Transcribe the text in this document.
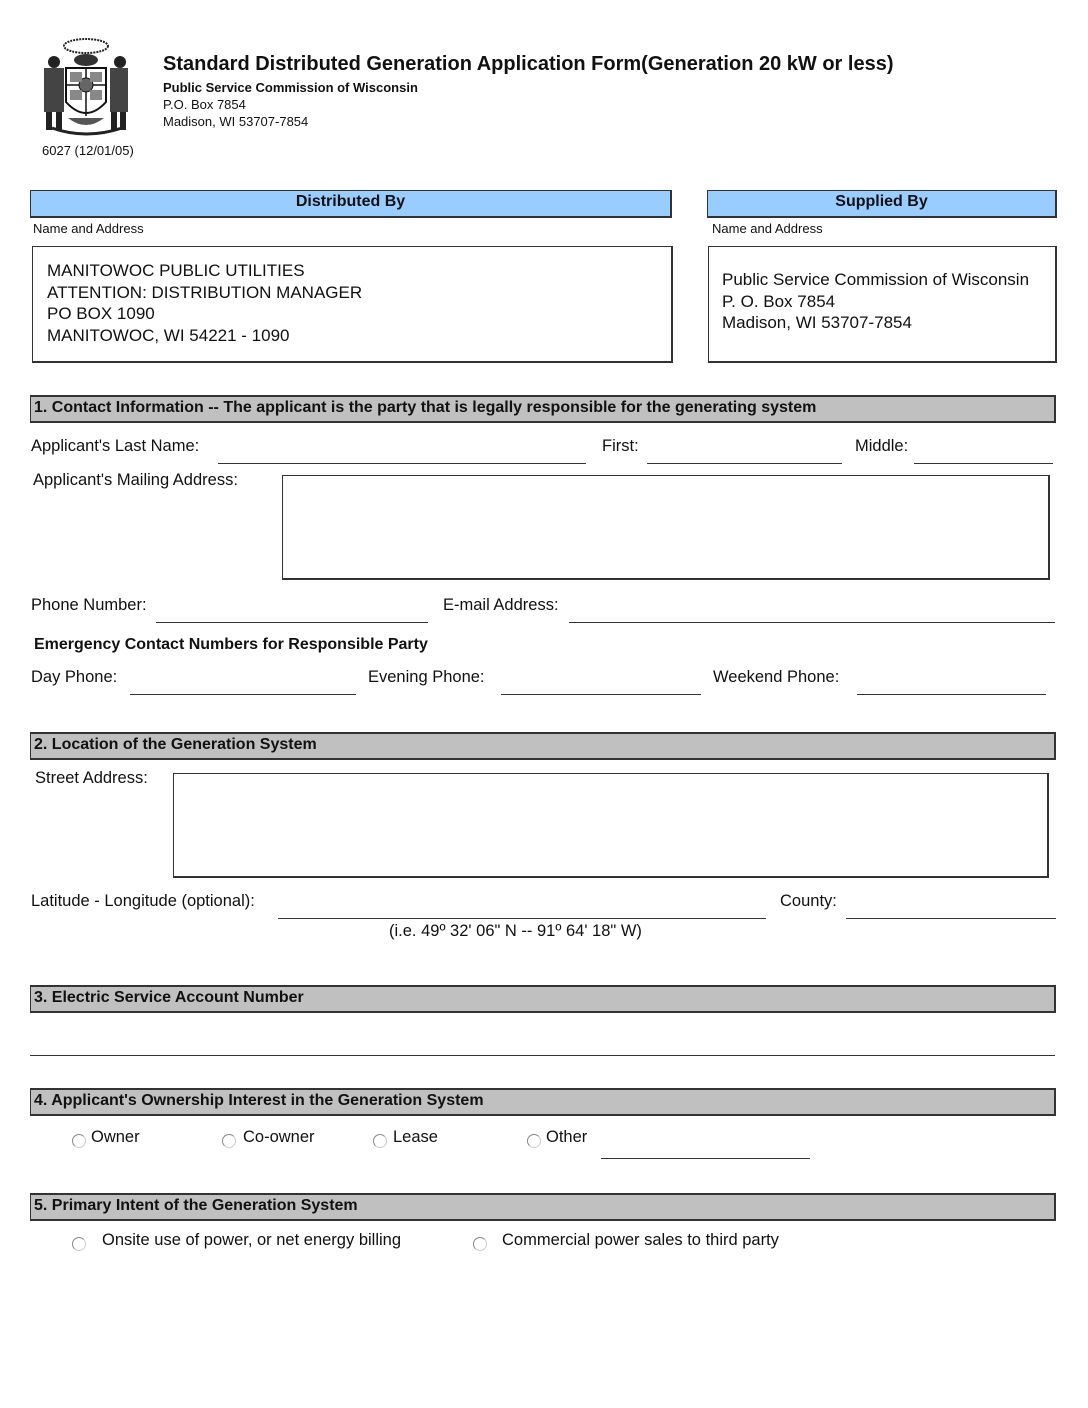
Standard Distributed Generation Application Form(Generation 20 kW or less)
Public Service Commission of Wisconsin
P.O. Box 7854
Madison, WI 53707-7854
6027 (12/01/05)
Distributed By
Name and Address
MANITOWOC PUBLIC UTILITIES
ATTENTION: DISTRIBUTION MANAGER
PO BOX 1090
MANITOWOC, WI 54221 - 1090
Supplied By
Name and Address
Public Service Commission of Wisconsin
P. O. Box 7854
Madison, WI 53707-7854
1. Contact Information -- The applicant is the party that is legally responsible for the generating system
Applicant's Last Name:	First:	Middle:
Applicant's Mailing Address:
Phone Number:	E-mail Address:
Emergency Contact Numbers for Responsible Party
Day Phone:	Evening Phone:	Weekend Phone:
2. Location of the Generation System
Street Address:
Latitude - Longitude (optional):	County:
(i.e. 49º 32' 06" N -- 91º 64' 18" W)
3. Electric Service Account Number
4. Applicant's Ownership Interest in the Generation System
Owner	Co-owner	Lease	Other
5. Primary Intent of the Generation System
Onsite use of power, or net energy billing	Commercial power sales to third party
